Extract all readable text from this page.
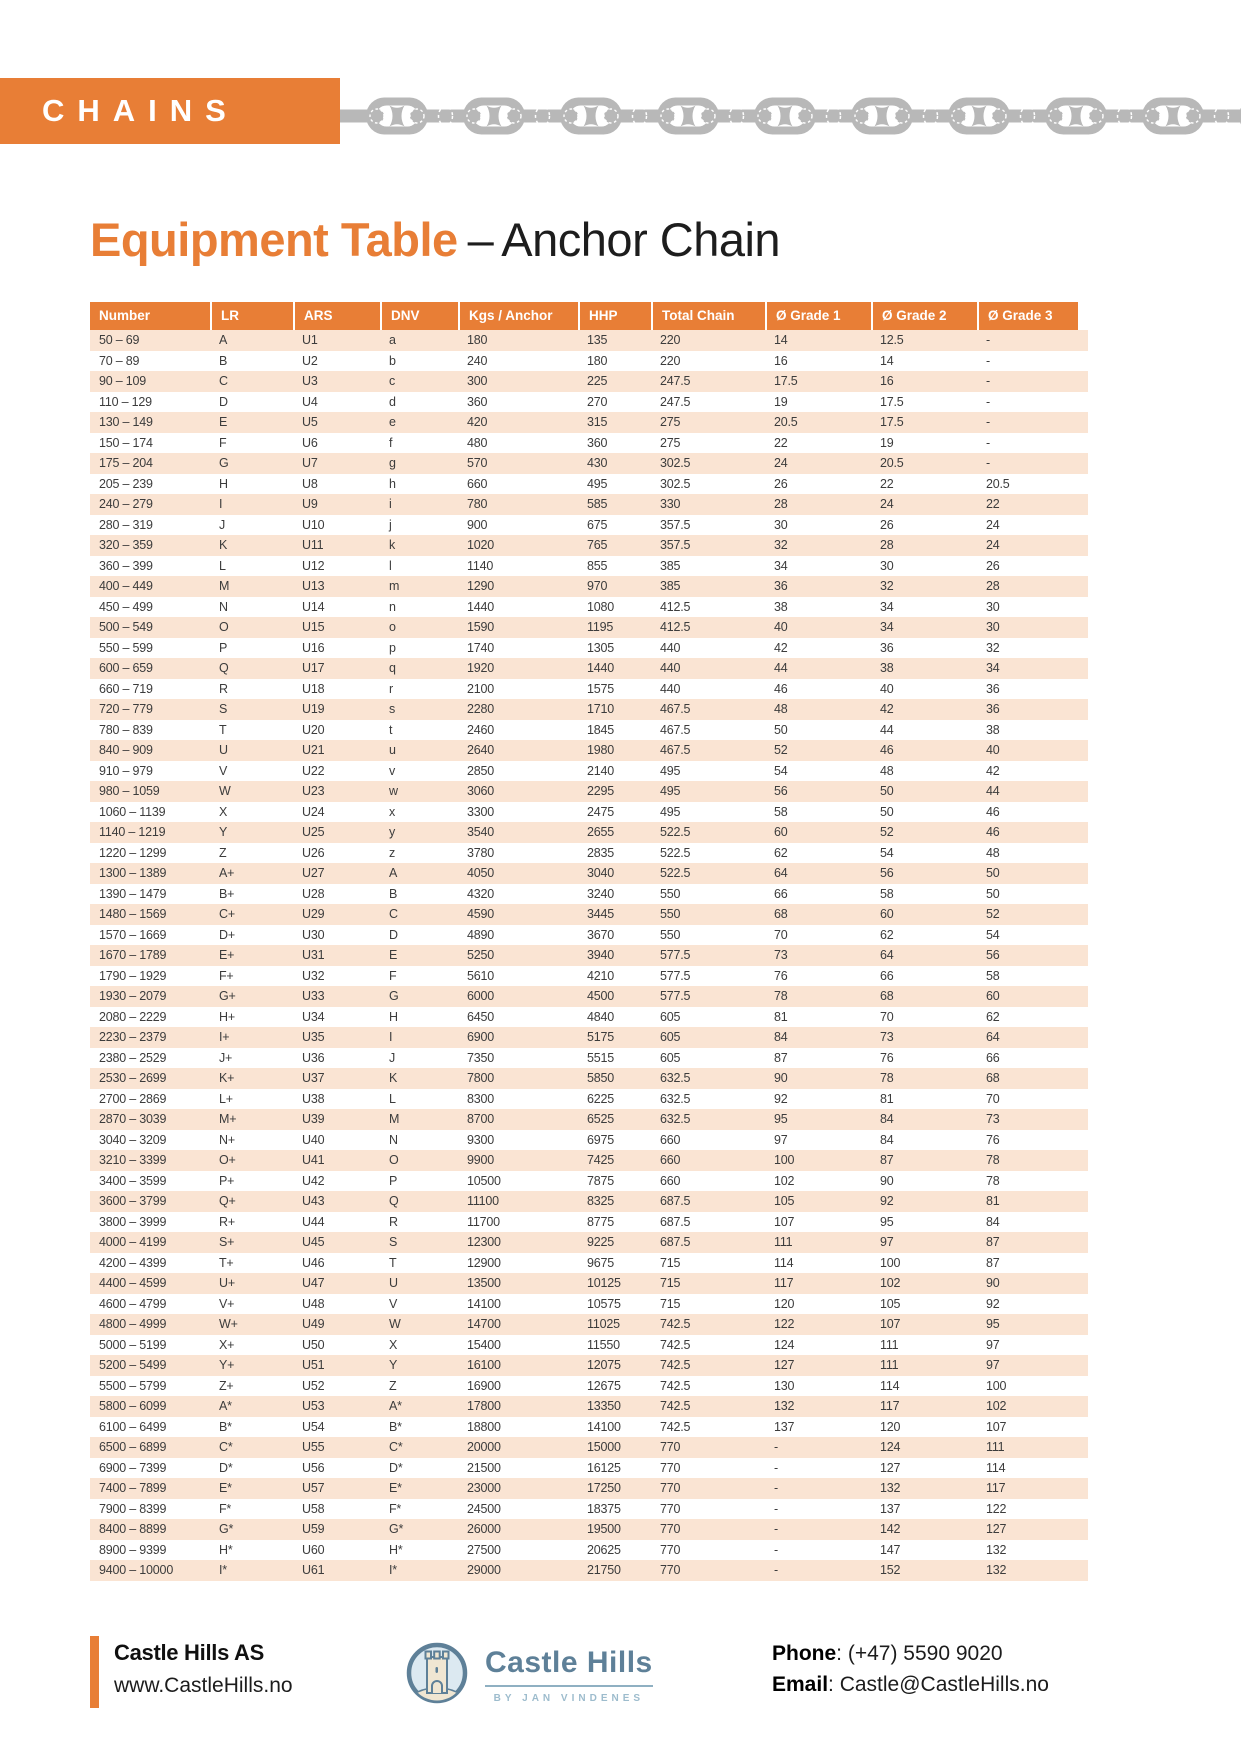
CHAINS
Equipment Table – Anchor Chain
Number	LR	ARS	DNV	Kgs / Anchor	HHP	Total Chain	Ø Grade 1	Ø Grade 2	Ø Grade 3
50 – 69	A	U1	a	180	135	220	14	12.5	-
70 – 89	B	U2	b	240	180	220	16	14	-
90 – 109	C	U3	c	300	225	247.5	17.5	16	-
110 – 129	D	U4	d	360	270	247.5	19	17.5	-
130 – 149	E	U5	e	420	315	275	20.5	17.5	-
150 – 174	F	U6	f	480	360	275	22	19	-
175 – 204	G	U7	g	570	430	302.5	24	20.5	-
205 – 239	H	U8	h	660	495	302.5	26	22	20.5
240 – 279	I	U9	i	780	585	330	28	24	22
280 – 319	J	U10	j	900	675	357.5	30	26	24
320 – 359	K	U11	k	1020	765	357.5	32	28	24
360 – 399	L	U12	l	1140	855	385	34	30	26
400 – 449	M	U13	m	1290	970	385	36	32	28
450 – 499	N	U14	n	1440	1080	412.5	38	34	30
500 – 549	O	U15	o	1590	1195	412.5	40	34	30
550 – 599	P	U16	p	1740	1305	440	42	36	32
600 – 659	Q	U17	q	1920	1440	440	44	38	34
660 – 719	R	U18	r	2100	1575	440	46	40	36
720 – 779	S	U19	s	2280	1710	467.5	48	42	36
780 – 839	T	U20	t	2460	1845	467.5	50	44	38
840 – 909	U	U21	u	2640	1980	467.5	52	46	40
910 – 979	V	U22	v	2850	2140	495	54	48	42
980 – 1059	W	U23	w	3060	2295	495	56	50	44
1060 – 1139	X	U24	x	3300	2475	495	58	50	46
1140 – 1219	Y	U25	y	3540	2655	522.5	60	52	46
1220 – 1299	Z	U26	z	3780	2835	522.5	62	54	48
1300 – 1389	A+	U27	A	4050	3040	522.5	64	56	50
1390 – 1479	B+	U28	B	4320	3240	550	66	58	50
1480 – 1569	C+	U29	C	4590	3445	550	68	60	52
1570 – 1669	D+	U30	D	4890	3670	550	70	62	54
1670 – 1789	E+	U31	E	5250	3940	577.5	73	64	56
1790 – 1929	F+	U32	F	5610	4210	577.5	76	66	58
1930 – 2079	G+	U33	G	6000	4500	577.5	78	68	60
2080 – 2229	H+	U34	H	6450	4840	605	81	70	62
2230 – 2379	I+	U35	I	6900	5175	605	84	73	64
2380 – 2529	J+	U36	J	7350	5515	605	87	76	66
2530 – 2699	K+	U37	K	7800	5850	632.5	90	78	68
2700 – 2869	L+	U38	L	8300	6225	632.5	92	81	70
2870 – 3039	M+	U39	M	8700	6525	632.5	95	84	73
3040 – 3209	N+	U40	N	9300	6975	660	97	84	76
3210 – 3399	O+	U41	O	9900	7425	660	100	87	78
3400 – 3599	P+	U42	P	10500	7875	660	102	90	78
3600 – 3799	Q+	U43	Q	11100	8325	687.5	105	92	81
3800 – 3999	R+	U44	R	11700	8775	687.5	107	95	84
4000 – 4199	S+	U45	S	12300	9225	687.5	111	97	87
4200 – 4399	T+	U46	T	12900	9675	715	114	100	87
4400 – 4599	U+	U47	U	13500	10125	715	117	102	90
4600 – 4799	V+	U48	V	14100	10575	715	120	105	92
4800 – 4999	W+	U49	W	14700	11025	742.5	122	107	95
5000 – 5199	X+	U50	X	15400	11550	742.5	124	111	97
5200 – 5499	Y+	U51	Y	16100	12075	742.5	127	111	97
5500 – 5799	Z+	U52	Z	16900	12675	742.5	130	114	100
5800 – 6099	A*	U53	A*	17800	13350	742.5	132	117	102
6100 – 6499	B*	U54	B*	18800	14100	742.5	137	120	107
6500 – 6899	C*	U55	C*	20000	15000	770	-	124	111
6900 – 7399	D*	U56	D*	21500	16125	770	-	127	114
7400 – 7899	E*	U57	E*	23000	17250	770	-	132	117
7900 – 8399	F*	U58	F*	24500	18375	770	-	137	122
8400 – 8899	G*	U59	G*	26000	19500	770	-	142	127
8900 – 9399	H*	U60	H*	27500	20625	770	-	147	132
9400 – 10000	I*	U61	I*	29000	21750	770	-	152	132
Castle Hills AS
www.CastleHills.no
Castle Hills
BY JAN VINDENES
Phone: (+47) 5590 9020
Email: Castle@CastleHills.no
